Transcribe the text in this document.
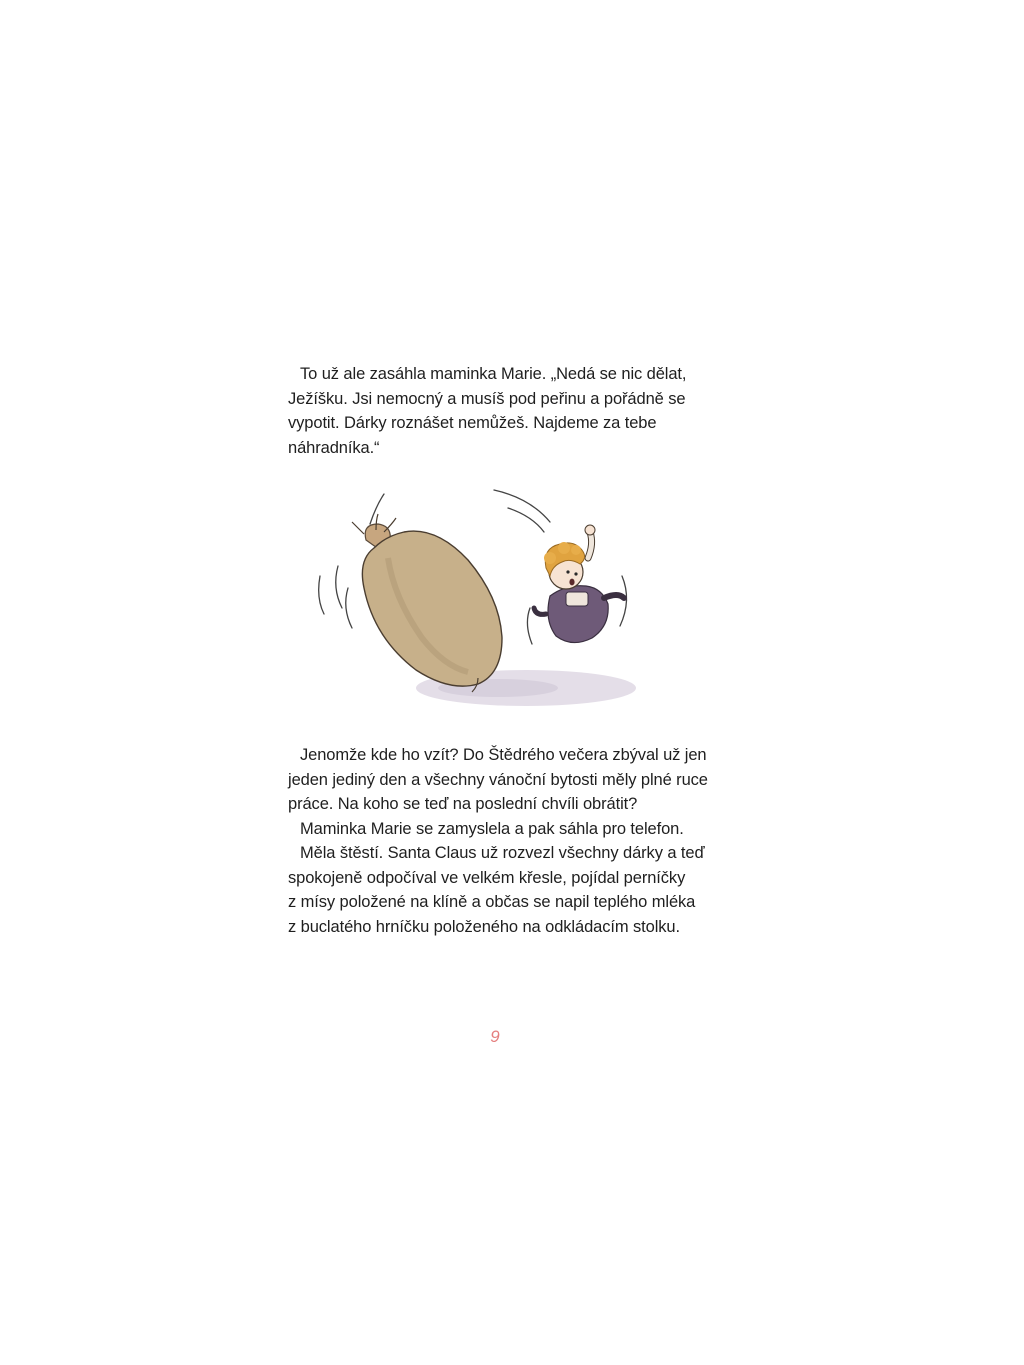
To už ale zasáhla maminka Marie. „Nedá se nic dělat,
Ježíšku. Jsi nemocný a musíš pod peřinu a pořádně se
vypotit. Dárky roznášet nemůžeš. Najdeme za tebe
náhradníka.“
Jenomže kde ho vzít? Do Štědrého večera zbýval už jen
jeden jediný den a všechny vánoční bytosti měly plné ruce
práce. Na koho se teď na poslední chvíli obrátit?
Maminka Marie se zamyslela a pak sáhla pro telefon.
Měla štěstí. Santa Claus už rozvezl všechny dárky a teď
spokojeně odpočíval ve velkém křesle, pojídal perníčky
z mísy položené na klíně a občas se napil teplého mléka
z buclatého hrníčku položeného na odkládacím stolku.
9
